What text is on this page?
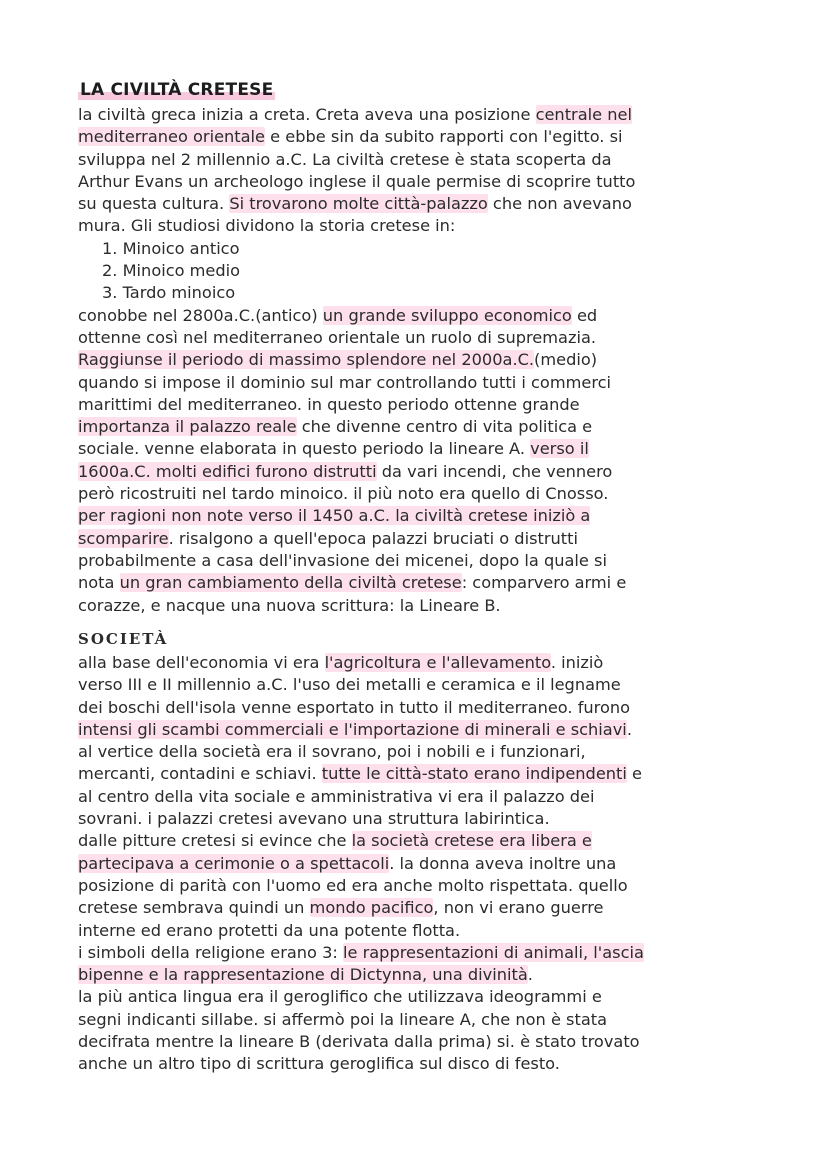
LA CIVILTÀ CRETESE
la civiltà greca inizia a creta. Creta aveva una posizione centrale nel
mediterraneo orientale e ebbe sin da subito rapporti con l'egitto. si
sviluppa nel 2 millennio a.C. La civiltà cretese è stata scoperta da
Arthur Evans un archeologo inglese il quale permise di scoprire tutto
su questa cultura. Si trovarono molte città-palazzo che non avevano
mura. Gli studiosi dividono la storia cretese in:
1. Minoico antico
2. Minoico medio
3. Tardo minoico
conobbe nel 2800a.C.(antico) un grande sviluppo economico ed
ottenne così nel mediterraneo orientale un ruolo di supremazia.
Raggiunse il periodo di massimo splendore nel 2000a.C.(medio)
quando si impose il dominio sul mar controllando tutti i commerci
marittimi del mediterraneo. in questo periodo ottenne grande
importanza il palazzo reale che divenne centro di vita politica e
sociale. venne elaborata in questo periodo la lineare A. verso il
1600a.C. molti edifici furono distrutti da vari incendi, che vennero
però ricostruiti nel tardo minoico. il più noto era quello di Cnosso.
per ragioni non note verso il 1450 a.C. la civiltà cretese iniziò a
scomparire. risalgono a quell'epoca palazzi bruciati o distrutti
probabilmente a casa dell'invasione dei micenei, dopo la quale si
nota un gran cambiamento della civiltà cretese: comparvero armi e
corazze, e nacque una nuova scrittura: la Lineare B.
SOCIETÀ
alla base dell'economia vi era l'agricoltura e l'allevamento. iniziò
verso III e II millennio a.C. l'uso dei metalli e ceramica e il legname
dei boschi dell'isola venne esportato in tutto il mediterraneo. furono
intensi gli scambi commerciali e l'importazione di minerali e schiavi.
al vertice della società era il sovrano, poi i nobili e i funzionari,
mercanti, contadini e schiavi. tutte le città-stato erano indipendenti e
al centro della vita sociale e amministrativa vi era il palazzo dei
sovrani. i palazzi cretesi avevano una struttura labirintica.
dalle pitture cretesi si evince che la società cretese era libera e
partecipava a cerimonie o a spettacoli. la donna aveva inoltre una
posizione di parità con l'uomo ed era anche molto rispettata. quello
cretese sembrava quindi un mondo pacifico, non vi erano guerre
interne ed erano protetti da una potente flotta.
i simboli della religione erano 3: le rappresentazioni di animali, l'ascia
bipenne e la rappresentazione di Dictynna, una divinità.
la più antica lingua era il geroglifico che utilizzava ideogrammi e
segni indicanti sillabe. si affermò poi la lineare A, che non è stata
decifrata mentre la lineare B (derivata dalla prima) si. è stato trovato
anche un altro tipo di scrittura geroglifica sul disco di festo.
